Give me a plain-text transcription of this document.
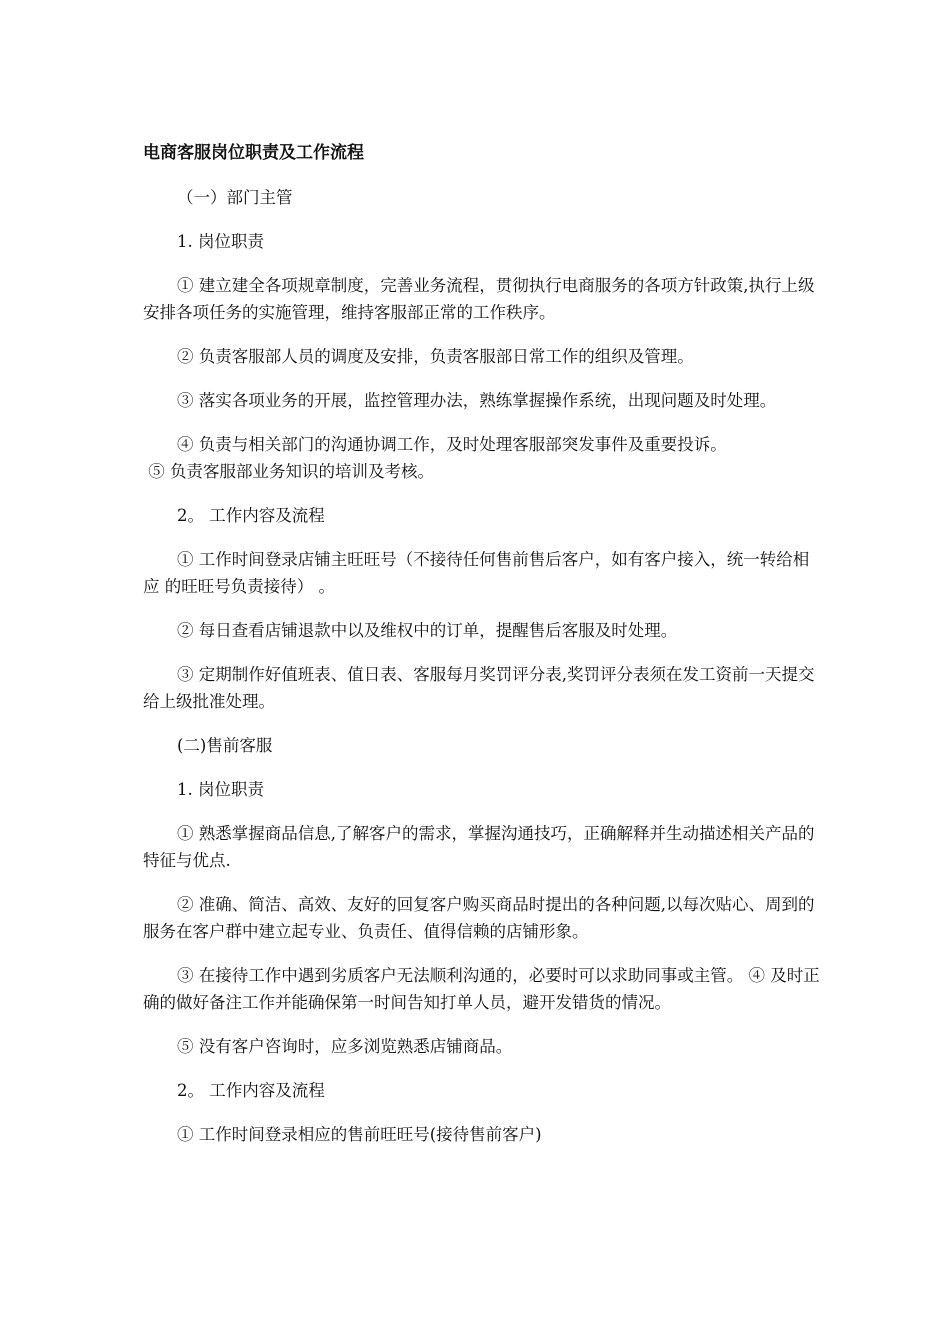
电商客服岗位职责及工作流程
（一）部门主管
1. 岗位职责
① 建立建全各项规章制度，完善业务流程，贯彻执行电商服务的各项方针政策,执行上级 安排各项任务的实施管理，维持客服部正常的工作秩序。
② 负责客服部人员的调度及安排，负责客服部日常工作的组织及管理。
③ 落实各项业务的开展，监控管理办法，熟练掌握操作系统，出现问题及时处理。
④ 负责与相关部门的沟通协调工作，及时处理客服部突发事件及重要投诉。
⑤ 负责客服部业务知识的培训及考核。
2。 工作内容及流程
① 工作时间登录店铺主旺旺号（不接待任何售前售后客户，如有客户接入，统一转给相应 的旺旺号负责接待） 。
② 每日查看店铺退款中以及维权中的订单，提醒售后客服及时处理。
③ 定期制作好值班表、值日表、客服每月奖罚评分表,奖罚评分表须在发工资前一天提交 给上级批准处理。
(二)售前客服
1. 岗位职责
① 熟悉掌握商品信息,了解客户的需求，掌握沟通技巧，正确解释并生动描述相关产品的 特征与优点.
② 准确、简洁、高效、友好的回复客户购买商品时提出的各种问题,以每次贴心、周到的 服务在客户群中建立起专业、负责任、值得信赖的店铺形象。
③ 在接待工作中遇到劣质客户无法顺利沟通的，必要时可以求助同事或主管。 ④ 及时正确的做好备注工作并能确保第一时间告知打单人员，避开发错货的情况。
⑤ 没有客户咨询时，应多浏览熟悉店铺商品。
2。 工作内容及流程
① 工作时间登录相应的售前旺旺号(接待售前客户)
